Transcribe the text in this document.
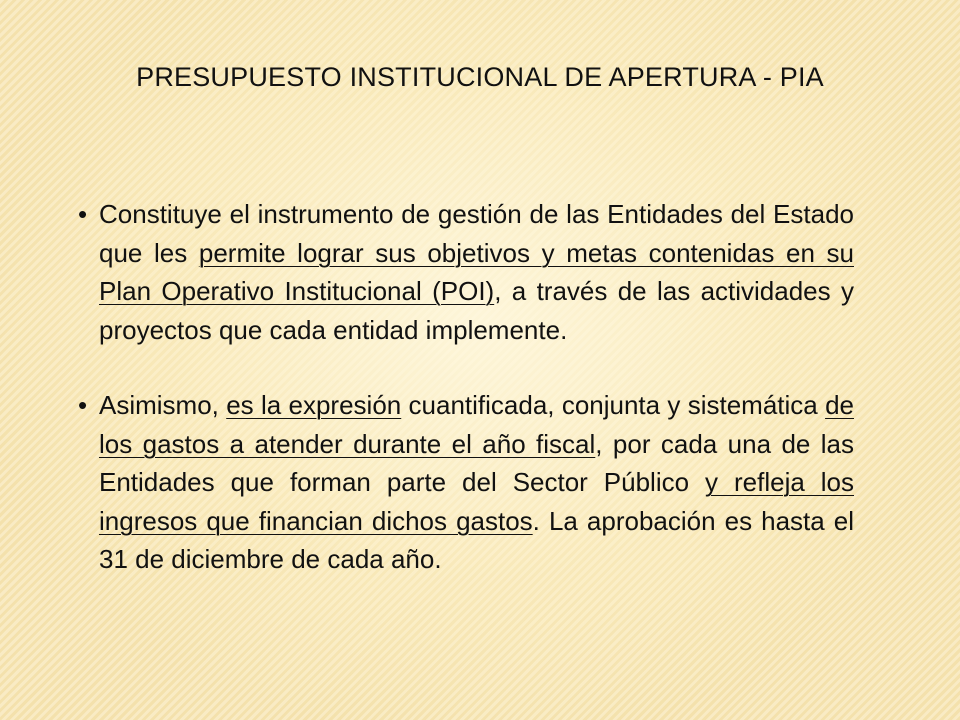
PRESUPUESTO INSTITUCIONAL DE APERTURA - PIA

• Constituye el instrumento de gestión de las Entidades del Estado que les permite lograr sus objetivos y metas contenidas en su Plan Operativo Institucional (POI), a través de las actividades y proyectos que cada entidad implemente.

• Asimismo, es la expresión cuantificada, conjunta y sistemática de los gastos a atender durante el año fiscal, por cada una de las Entidades que forman parte del Sector Público y refleja los ingresos que financian dichos gastos. La aprobación es hasta el 31 de diciembre de cada año.
